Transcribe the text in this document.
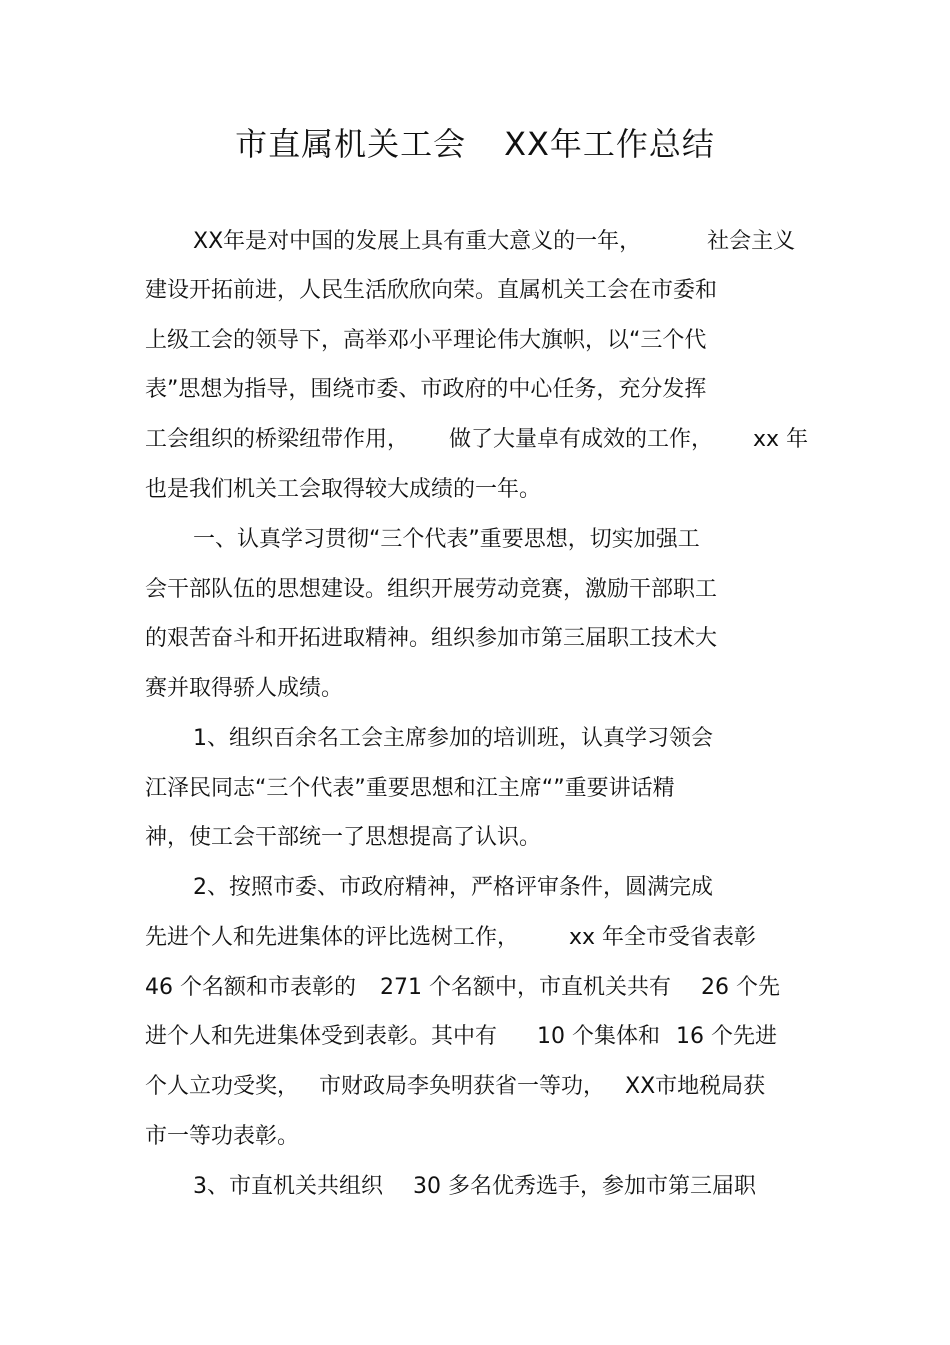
市直属机关工会 XX年工作总结
XX年是对中国的发展上具有重大意义的一年，	社会主义
建设开拓前进，人民生活欣欣向荣。直属机关工会在市委和
上级工会的领导下，高举邓小平理论伟大旗帜，以“三个代
表”思想为指导，围绕市委、市政府的中心任务，充分发挥
工会组织的桥梁纽带作用， 做了大量卓有成效的工作， xx 年
也是我们机关工会取得较大成绩的一年。
一、认真学习贯彻“三个代表”重要思想，切实加强工
会干部队伍的思想建设。组织开展劳动竞赛，激励干部职工
的艰苦奋斗和开拓进取精神。组织参加市第三届职工技术大
赛并取得骄人成绩。
1、组织百余名工会主席参加的培训班，认真学习领会
江泽民同志“三个代表”重要思想和江主席“”重要讲话精
神，使工会干部统一了思想提高了认识。
2、按照市委、市政府精神，严格评审条件，圆满完成
先进个人和先进集体的评比选树工作， xx 年全市受省表彰
46 个名额和市表彰的 271 个名额中，市直机关共有 26 个先
进个人和先进集体受到表彰。其中有 10 个集体和 16 个先进
个人立功受奖， 市财政局李奂明获省一等功， XX市地税局获
市一等功表彰。
3、市直机关共组织 30 多名优秀选手，参加市第三届职
